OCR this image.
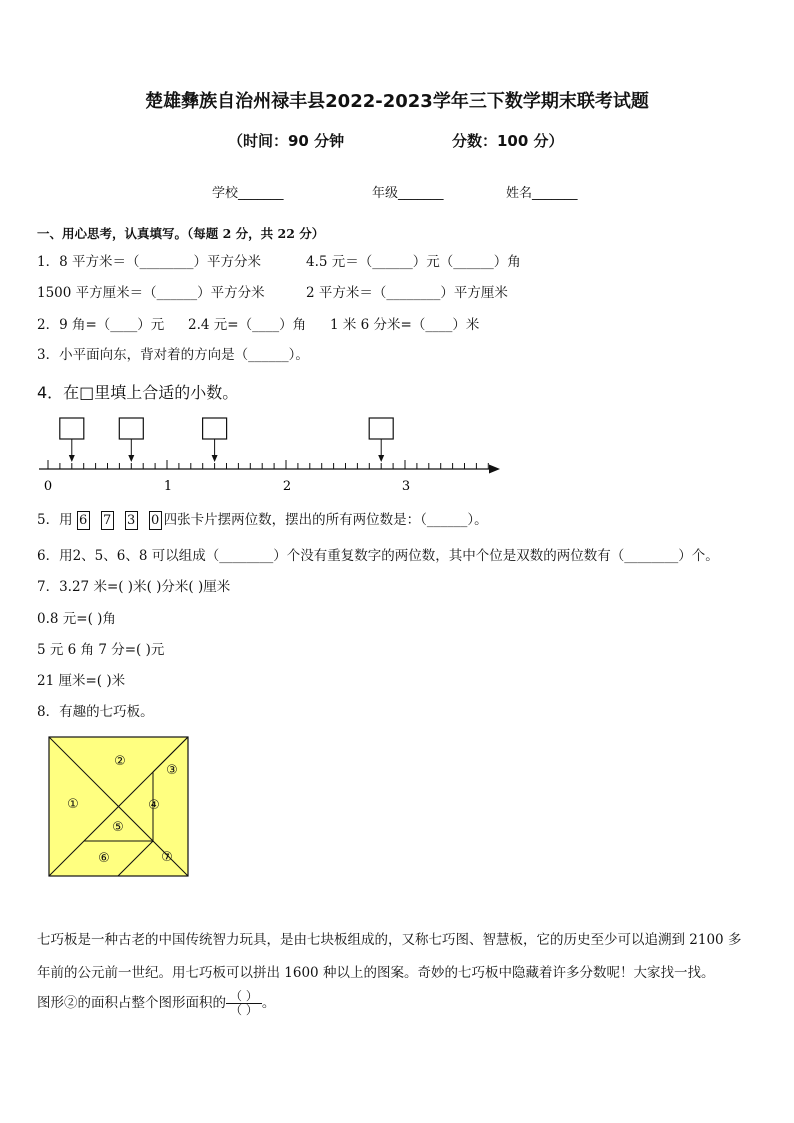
楚雄彝族自治州禄丰县2022-2023学年三下数学期末联考试题
（时间：90 分钟	分数：100 分）
学校_______	年级_______	姓名_______
一、用心思考，认真填写。（每题 2 分，共 22 分）
1．8 平方米＝（________）平方分米	4.5 元＝（______）元（______）角
1500 平方厘米＝（______）平方分米	2 平方米＝（________）平方厘米
2．9 角=（____）元 2.4 元=（____）角 1 米 6 分米=（____）米
3．小平面向东，背对着的方向是（______）。
4．在□里填上合适的小数。
0	1	2	3
5．用 6 7 3 0 四张卡片摆两位数，摆出的所有两位数是：（______）。
6．用2、5、6、8 可以组成（________）个没有重复数字的两位数，其中个位是双数的两位数有（________）个。
7．3.27 米=( )米( )分米( )厘米
0.8 元=( )角
5 元 6 角 7 分=( )元
21 厘米=( )米
8．有趣的七巧板。
①
②
③
④
⑤
⑥	⑦
七巧板是一种古老的中国传统智力玩具，是由七块板组成的，又称七巧图、智慧板，它的历史至少可以追溯到 2100 多
年前的公元前一世纪。用七巧板可以拼出 1600 种以上的图案。奇妙的七巧板中隐藏着许多分数呢！大家找一找。
图形②的面积占整个图形面积的 $\frac{( )}{( )}$ 。
